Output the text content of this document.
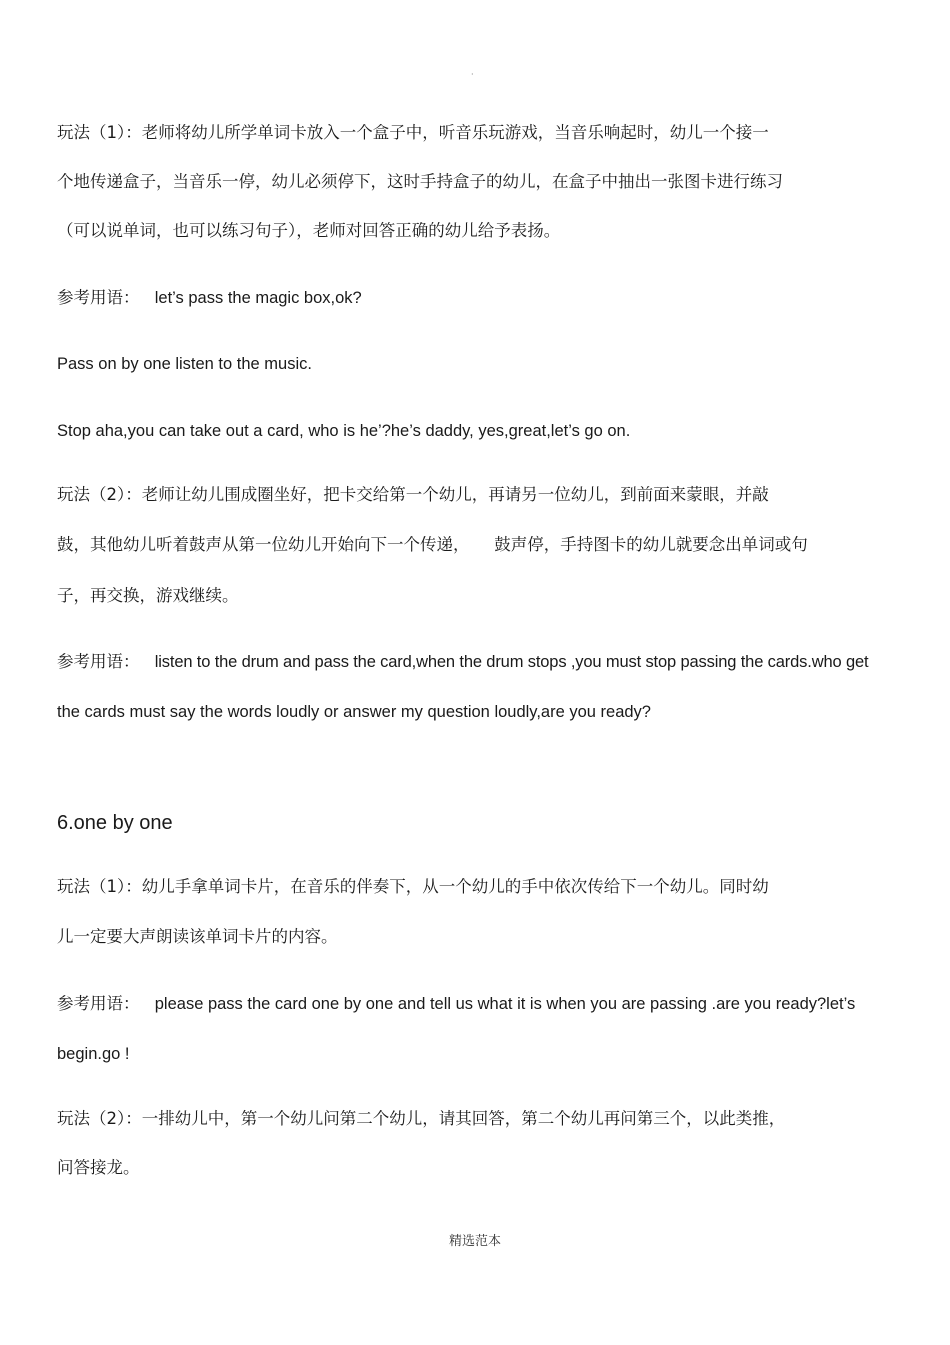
·

玩法（1）：老师将幼儿所学单词卡放入一个盒子中，听音乐玩游戏，当音乐响起时，幼儿一个接一

个地传递盒子，当音乐一停，幼儿必须停下，这时手持盒子的幼儿，在盒子中抽出一张图卡进行练习

（可以说单词，也可以练习句子），老师对回答正确的幼儿给予表扬。

参考用语： let’s pass the magic box,ok?

Pass on by one listen to the music.

Stop aha,you can take out a card, who is he’?he’s daddy, yes,great,let’s go on.

玩法（2）：老师让幼儿围成圈坐好，把卡交给第一个幼儿，再请另一位幼儿，到前面来蒙眼，并敲

鼓，其他幼儿听着鼓声从第一位幼儿开始向下一个传递，　　鼓声停，手持图卡的幼儿就要念出单词或句

子，再交换，游戏继续。

参考用语： listen to the drum and pass the card,when the drum stops ,you must stop passing the cards.who get

the cards must say the words loudly or answer my question loudly,are you ready?

6.one by one

玩法（1）：幼儿手拿单词卡片，在音乐的伴奏下，从一个幼儿的手中依次传给下一个幼儿。同时幼

儿一定要大声朗读该单词卡片的内容。

参考用语： please pass the card one by one and tell us what it is when you are passing .are you ready?let’s

begin.go !

玩法（2）：一排幼儿中，第一个幼儿问第二个幼儿，请其回答，第二个幼儿再问第三个，以此类推，

问答接龙。

精选范本
